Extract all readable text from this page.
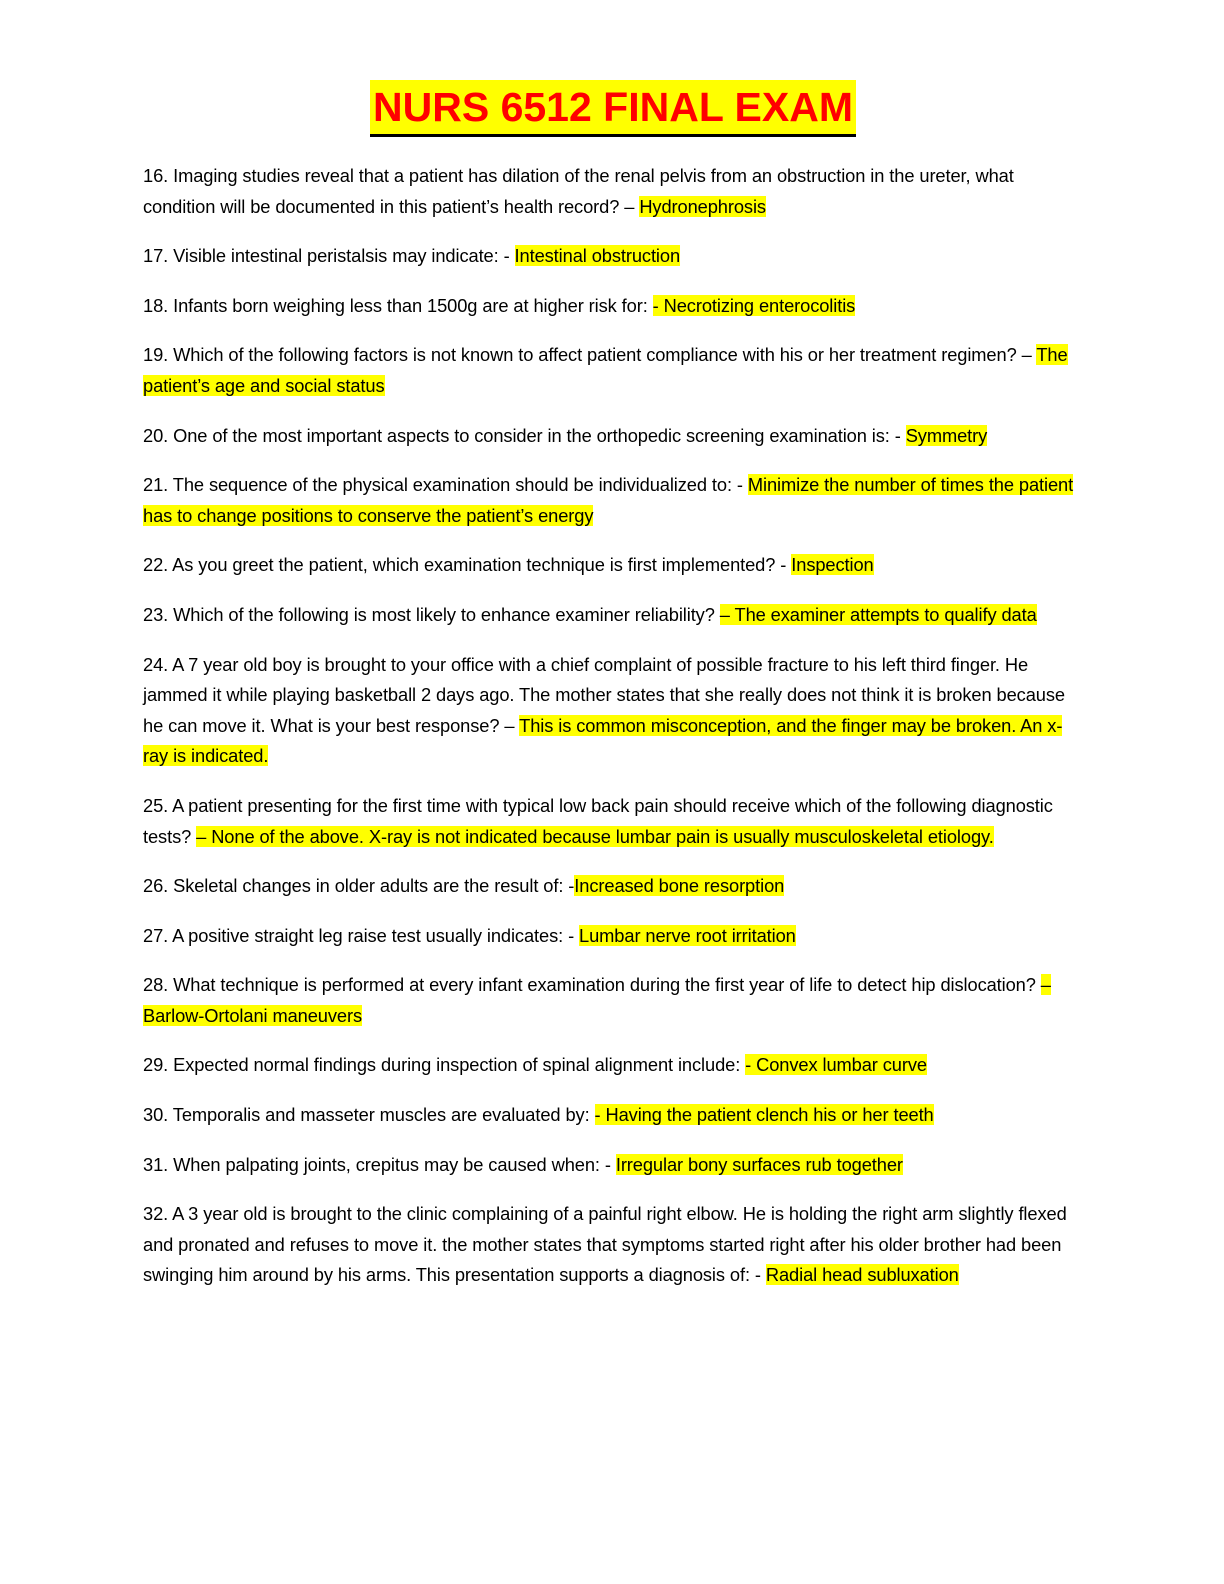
NURS 6512 FINAL EXAM

16. Imaging studies reveal that a patient has dilation of the renal pelvis from an obstruction in the ureter, what condition will be documented in this patient’s health record? – Hydronephrosis

17. Visible intestinal peristalsis may indicate: - Intestinal obstruction

18. Infants born weighing less than 1500g are at higher risk for: - Necrotizing enterocolitis

19. Which of the following factors is not known to affect patient compliance with his or her treatment regimen? – The patient’s age and social status

20. One of the most important aspects to consider in the orthopedic screening examination is: - Symmetry

21. The sequence of the physical examination should be individualized to: - Minimize the number of times the patient has to change positions to conserve the patient’s energy

22. As you greet the patient, which examination technique is first implemented? - Inspection

23. Which of the following is most likely to enhance examiner reliability? – The examiner attempts to qualify data

24. A 7 year old boy is brought to your office with a chief complaint of possible fracture to his left third finger. He jammed it while playing basketball 2 days ago. The mother states that she really does not think it is broken because he can move it. What is your best response? – This is common misconception, and the finger may be broken. An x-ray is indicated.

25. A patient presenting for the first time with typical low back pain should receive which of the following diagnostic tests? – None of the above. X-ray is not indicated because lumbar pain is usually musculoskeletal etiology.

26. Skeletal changes in older adults are the result of: -Increased bone resorption

27. A positive straight leg raise test usually indicates: - Lumbar nerve root irritation

28. What technique is performed at every infant examination during the first year of life to detect hip dislocation? – Barlow-Ortolani maneuvers

29. Expected normal findings during inspection of spinal alignment include: - Convex lumbar curve

30. Temporalis and masseter muscles are evaluated by: - Having the patient clench his or her teeth

31. When palpating joints, crepitus may be caused when: - Irregular bony surfaces rub together

32. A 3 year old is brought to the clinic complaining of a painful right elbow. He is holding the right arm slightly flexed and pronated and refuses to move it. the mother states that symptoms started right after his older brother had been swinging him around by his arms. This presentation supports a diagnosis of: - Radial head subluxation
